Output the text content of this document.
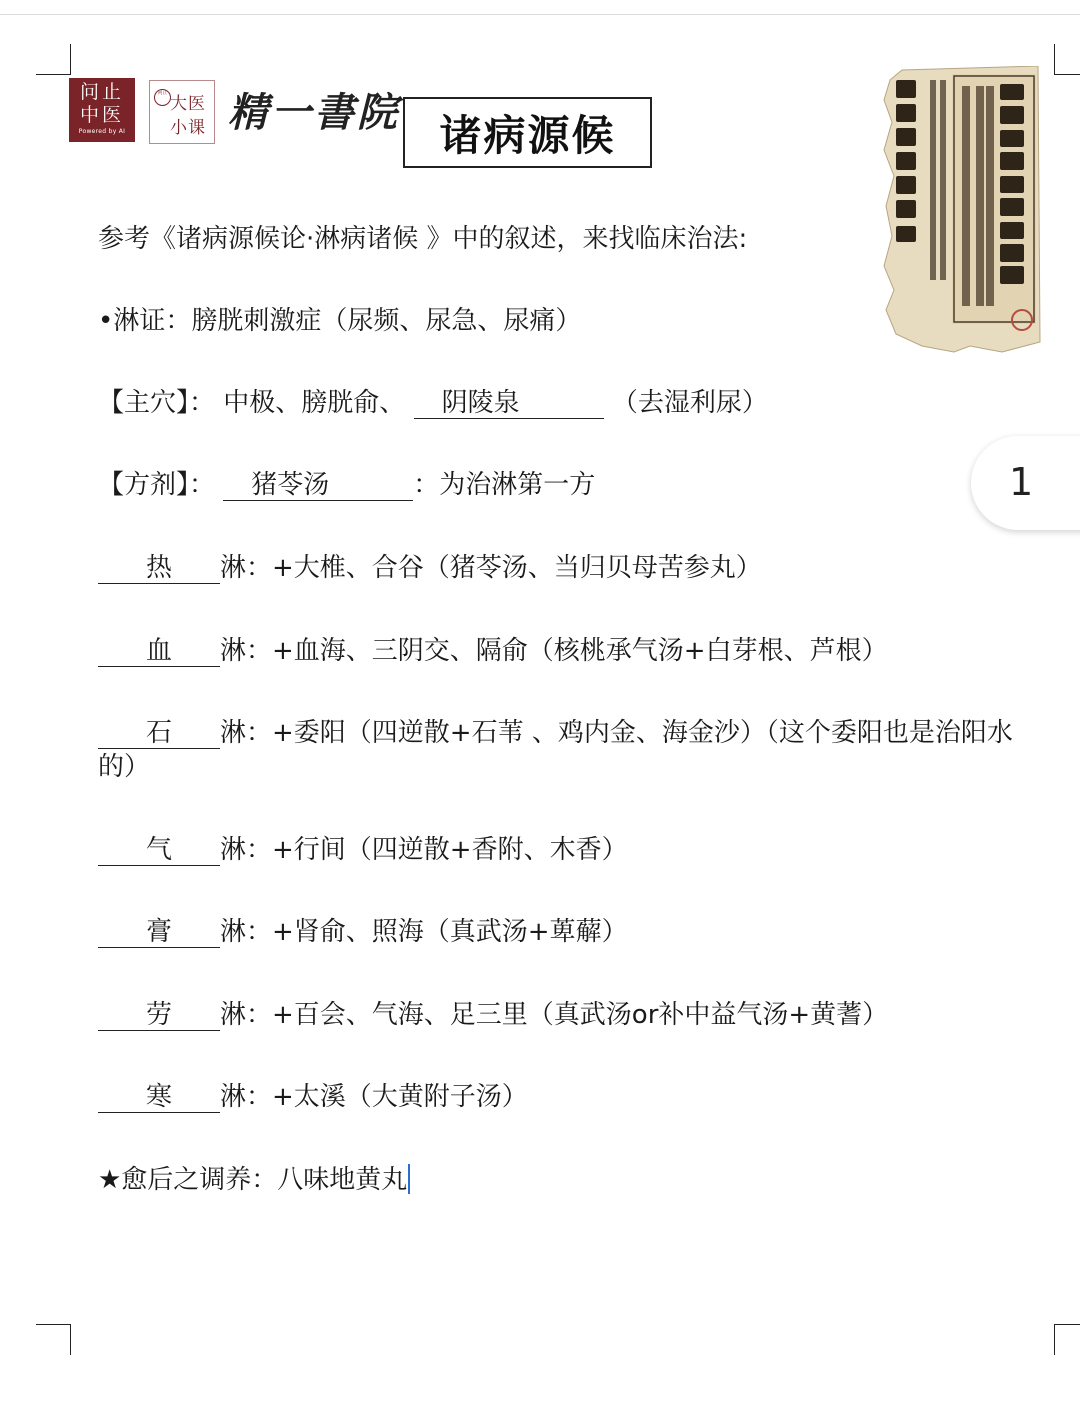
问止
中医
Powered by AI
问止
大医
小课 精一書院 诸病源候
1
参考《诸病源候论·淋病诸候 》中的叙述，来找临床治法:
•淋证：膀胱刺激症（尿频、尿急、尿痛）
【主穴】： 中极、膀胱俞、 阴陵泉	（去湿利尿）
【方剂】： 猪苓汤	：为治淋第一方
热 淋：+大椎、合谷（猪苓汤、当归贝母苦参丸）
血 淋：+血海、三阴交、隔俞（核桃承气汤+白芽根、芦根）
石 淋：+委阳（四逆散+石苇 、鸡内金、海金沙）（这个委阳也是治阳水的）
气 淋：+行间（四逆散+香附、木香）
膏 淋：+肾俞、照海（真武汤+萆薢）
劳 淋：+百会、气海、足三里（真武汤or补中益气汤+黄蓍）
寒 淋：+太溪（大黄附子汤）
★愈后之调养：八味地黄丸
